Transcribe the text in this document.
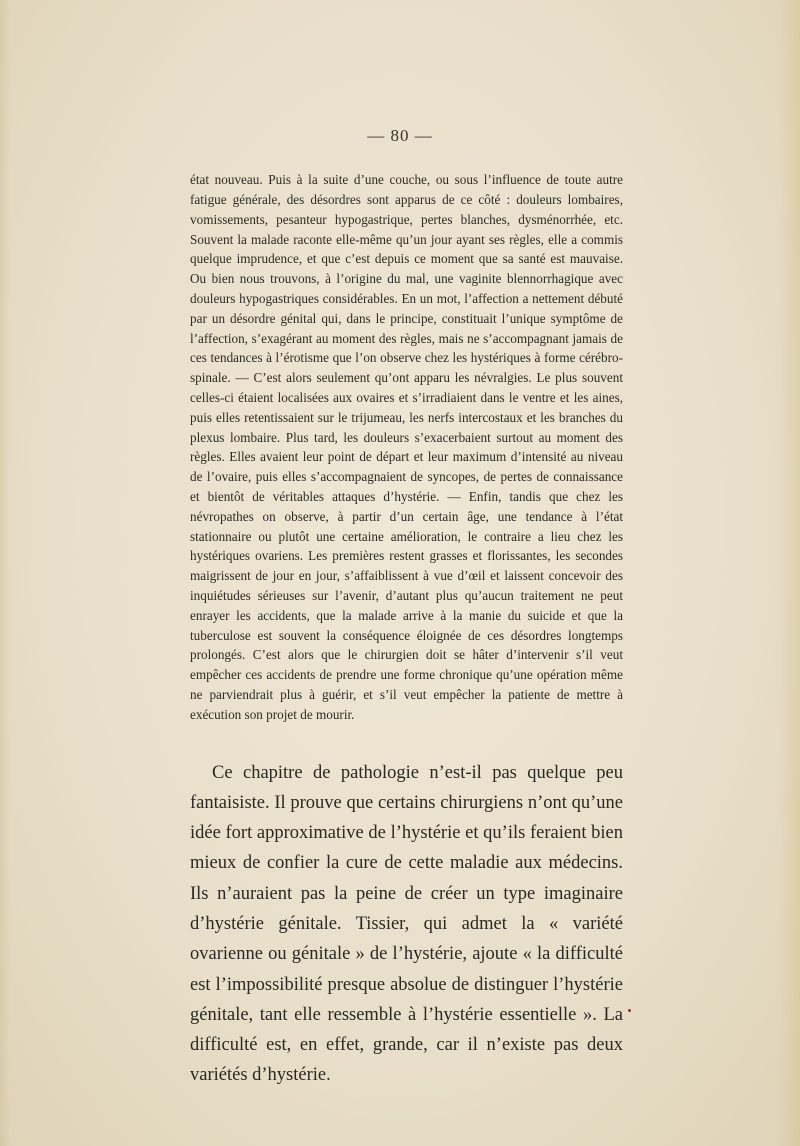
— 80 —

état nouveau. Puis à la suite d’une couche, ou sous l’influence de toute autre fatigue générale, des désordres sont apparus de ce côté : douleurs lombaires, vomissements, pesanteur hypogastrique, pertes blanches, dysménorrhée, etc. Souvent la malade raconte elle-même qu’un jour ayant ses règles, elle a commis quelque imprudence, et que c’est depuis ce moment que sa santé est mauvaise. Ou bien nous trouvons, à l’origine du mal, une vaginite blennorrhagique avec douleurs hypogastriques considérables. En un mot, l’affection a nettement débuté par un désordre génital qui, dans le principe, constituait l’unique symptôme de l’affection, s’exagérant au moment des règles, mais ne s’accompagnant jamais de ces tendances à l’érotisme que l’on observe chez les hystériques à forme cérébro-spinale. — C’est alors seulement qu’ont apparu les névralgies. Le plus souvent celles-ci étaient localisées aux ovaires et s’irradiaient dans le ventre et les aines, puis elles retentissaient sur le trijumeau, les nerfs intercostaux et les branches du plexus lombaire. Plus tard, les douleurs s’exacerbaient surtout au moment des règles. Elles avaient leur point de départ et leur maximum d’intensité au niveau de l’ovaire, puis elles s’accompagnaient de syncopes, de pertes de connaissance et bientôt de véritables attaques d’hystérie. — Enfin, tandis que chez les névropathes on observe, à partir d’un certain âge, une tendance à l’état stationnaire ou plutôt une certaine amélioration, le contraire a lieu chez les hystériques ovariens. Les premières restent grasses et florissantes, les secondes maigrissent de jour en jour, s’affaiblissent à vue d’œil et laissent concevoir des inquiétudes sérieuses sur l’avenir, d’autant plus qu’aucun traitement ne peut enrayer les accidents, que la malade arrive à la manie du suicide et que la tuberculose est souvent la conséquence éloignée de ces désordres longtemps prolongés. C’est alors que le chirurgien doit se hâter d’intervenir s’il veut empêcher ces accidents de prendre une forme chronique qu’une opération même ne parviendrait plus à guérir, et s’il veut empêcher la patiente de mettre à exécution son projet de mourir.

Ce chapitre de pathologie n’est-il pas quelque peu fantaisiste. Il prouve que certains chirurgiens n’ont qu’une idée fort approximative de l’hystérie et qu’ils feraient bien mieux de confier la cure de cette maladie aux médecins. Ils n’auraient pas la peine de créer un type imaginaire d’hystérie génitale. Tissier, qui admet la « variété ovarienne ou génitale » de l’hystérie, ajoute « la difficulté est l’impossibilité presque absolue de distinguer l’hystérie génitale, tant elle ressemble à l’hystérie essentielle ». La difficulté est, en effet, grande, car il n’existe pas deux variétés d’hystérie.
